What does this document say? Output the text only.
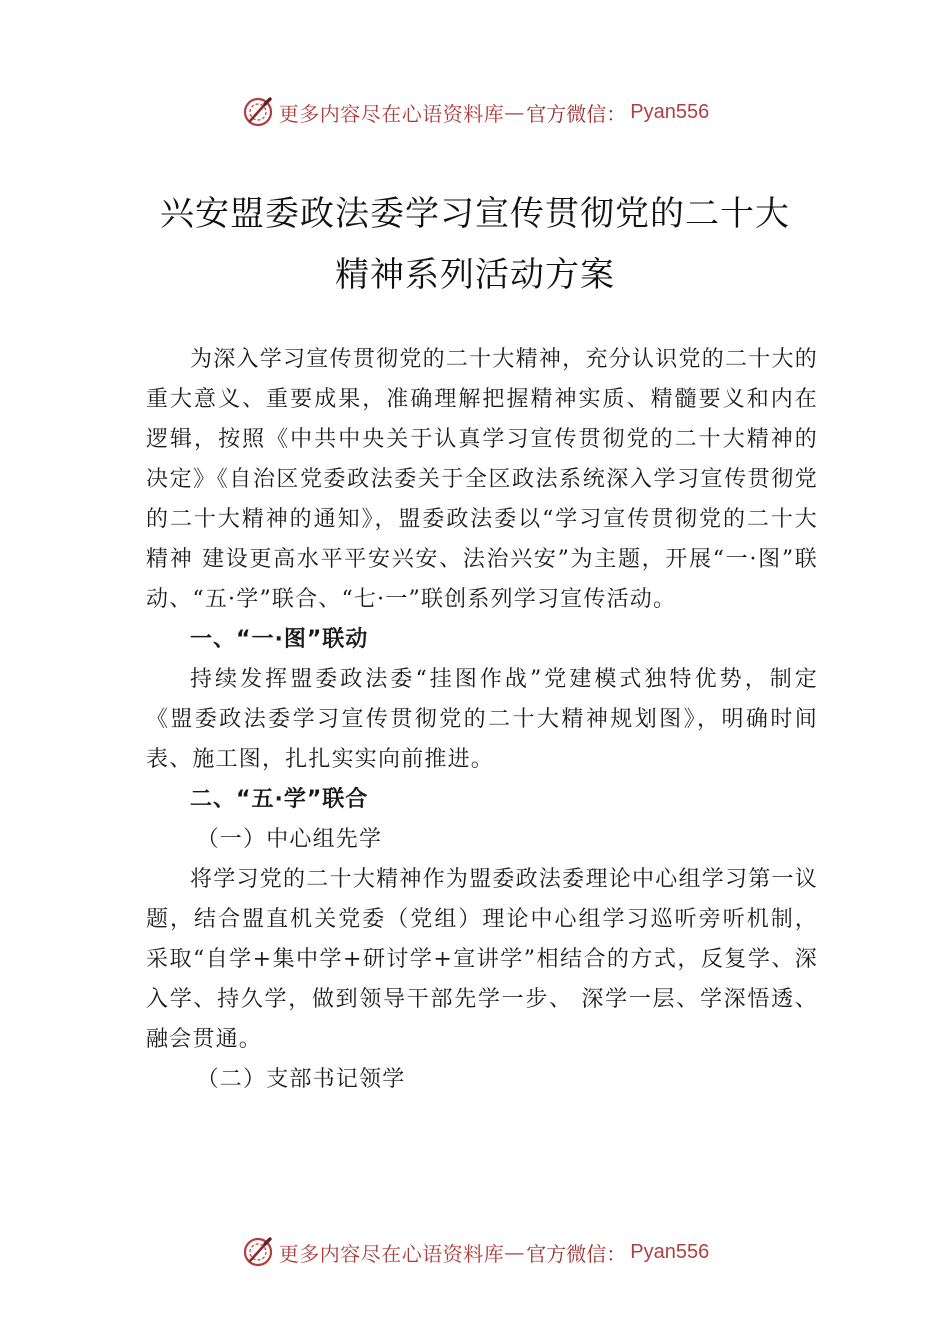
更多内容尽在心语资料库 — 官方微信： Pyan556
兴安盟委政法委学习宣传贯彻党的二十大
精神系列活动方案

为深入学习宣传贯彻党的二十大精神，充分认识党的二十大的重大意义、重要成果，准确理解把握精神实质、精髓要义和内在逻辑，按照《中共中央关于认真学习宣传贯彻党的二十大精神的决定》《自治区党委政法委关于全区政法系统深入学习宣传贯彻党的二十大精神的通知》，盟委政法委以“学习宣传贯彻党的二十大精神 建设更高水平平安兴安、法治兴安”为主题，开展“一·图”联动、“五·学”联合、“七·一”联创系列学习宣传活动。

一、“一·图”联动

持续发挥盟委政法委“挂图作战”党建模式独特优势，制定《盟委政法委学习宣传贯彻党的二十大精神规划图》，明确时间表、施工图，扎扎实实向前推进。

二、“五·学”联合

（一）中心组先学

将学习党的二十大精神作为盟委政法委理论中心组学习第一议题，结合盟直机关党委（党组）理论中心组学习巡听旁听机制，采取“自学+集中学+研讨学+宣讲学”相结合的方式，反复学、深入学、持久学，做到领导干部先学一步、 深学一层、学深悟透、融会贯通。

（二）支部书记领学

更多内容尽在心语资料库 — 官方微信： Pyan556
